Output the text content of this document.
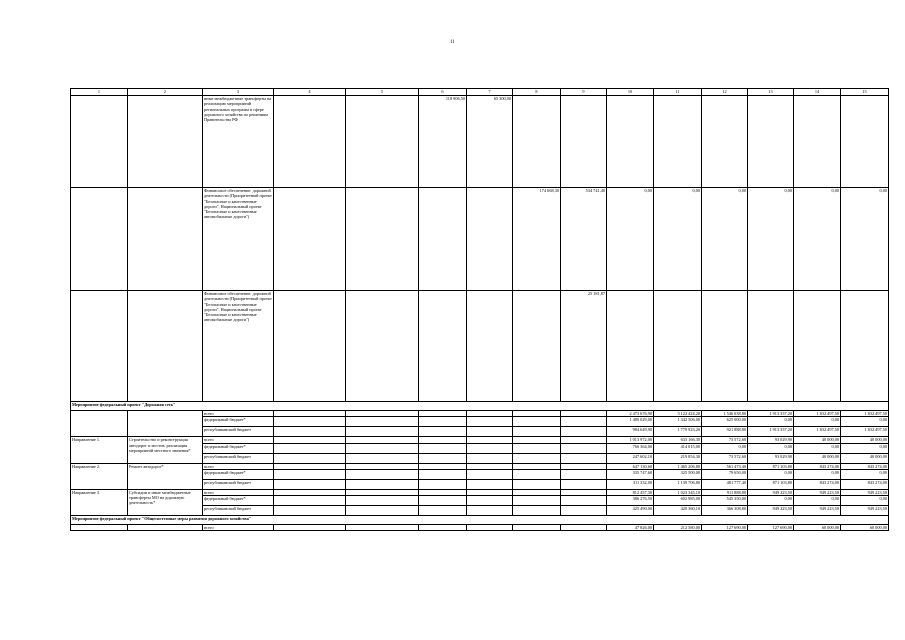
11
1	2	3	4	5	6	7	8	9	10	11	12	13	14	15
		иные межбюджетные трансферты на реализацию мероприятий региональных программ в сфере дорожного хозяйства по решениям Правительства РФ			118 906,50	65 300,00								
		Финансовое обеспечение: дорожной деятельности (Приоритетный проект "Безопасные и качественные дороги", Национальный проект "Безопасные и качественные автомобильные дороги")					174 668,30	534 741,40	0,00	0,00	0,00	0,00	0,00	0,00
		Финансовое обеспечение: дорожной деятельности (Приоритетный проект "Безопасные и качественные дороги", Национальный проект "Безопасные и качественные автомобильные дороги")						25 181,87						
Мероприятие федеральный проект "Дорожная сеть"														
		всего							2 473 676,90	3 122 424,20	1 546 638,80	1 913 337,20	1 832 497,50	1 832 497,50
		федеральный бюджет*							1 489 029,00	1 342 506,00	625 000,00	0,00	0,00	0,00
		республиканский бюджет							984 649,90	1 779 923,20	921 888,80	1 913 337,20	1 832 497,50	1 832 497,50
Направление 1.	Строительство и реконструкция автодорог и мостов, реализация мероприятий местного значения*	всего							1 013 972,00	633 166,30	73 572,60	93 029,90	40 000,00	40 000,00
		федеральный бюджет*							766 364,00	414 015,00	0,00	0,00	0,00	0,00
		республиканский бюджет							247 602,10	219 854,30	73 572,60	93 029,90	40 000,00	40 000,00
Направление 2.	Ремонт автодорог*	всего							647 130,60	1 465 206,80	561 473,40	871 103,80	843 274,00	843 274,00
		федеральный бюджет*							335 747,60	325 500,00	79 650,00	0,00	0,00	0,00
		республиканский бюджет							311 332,00	1 139 706,80	481 777,40	871 103,80	843 274,00	843 274,00
Направление 3.	Субсидии и иные межбюджетные трансферты МО на дорожную деятельность*	всего							812 457,30	1 023 345,10	911 888,80	949 223,50	949 223,50	949 223,50
		федеральный бюджет*							386 276,50	602 985,00	545 350,00	0,00	0,00	0,00
		республиканский бюджет							425 490,00	420 360,10	366 308,80	949 223,50	949 223,50	949 223,50
Мероприятие федеральный проект "Общесистемные меры развития дорожного хозяйства"														
		всего							47 826,00	212 580,00	127 690,00	127 690,00	60 000,00	60 000,00
